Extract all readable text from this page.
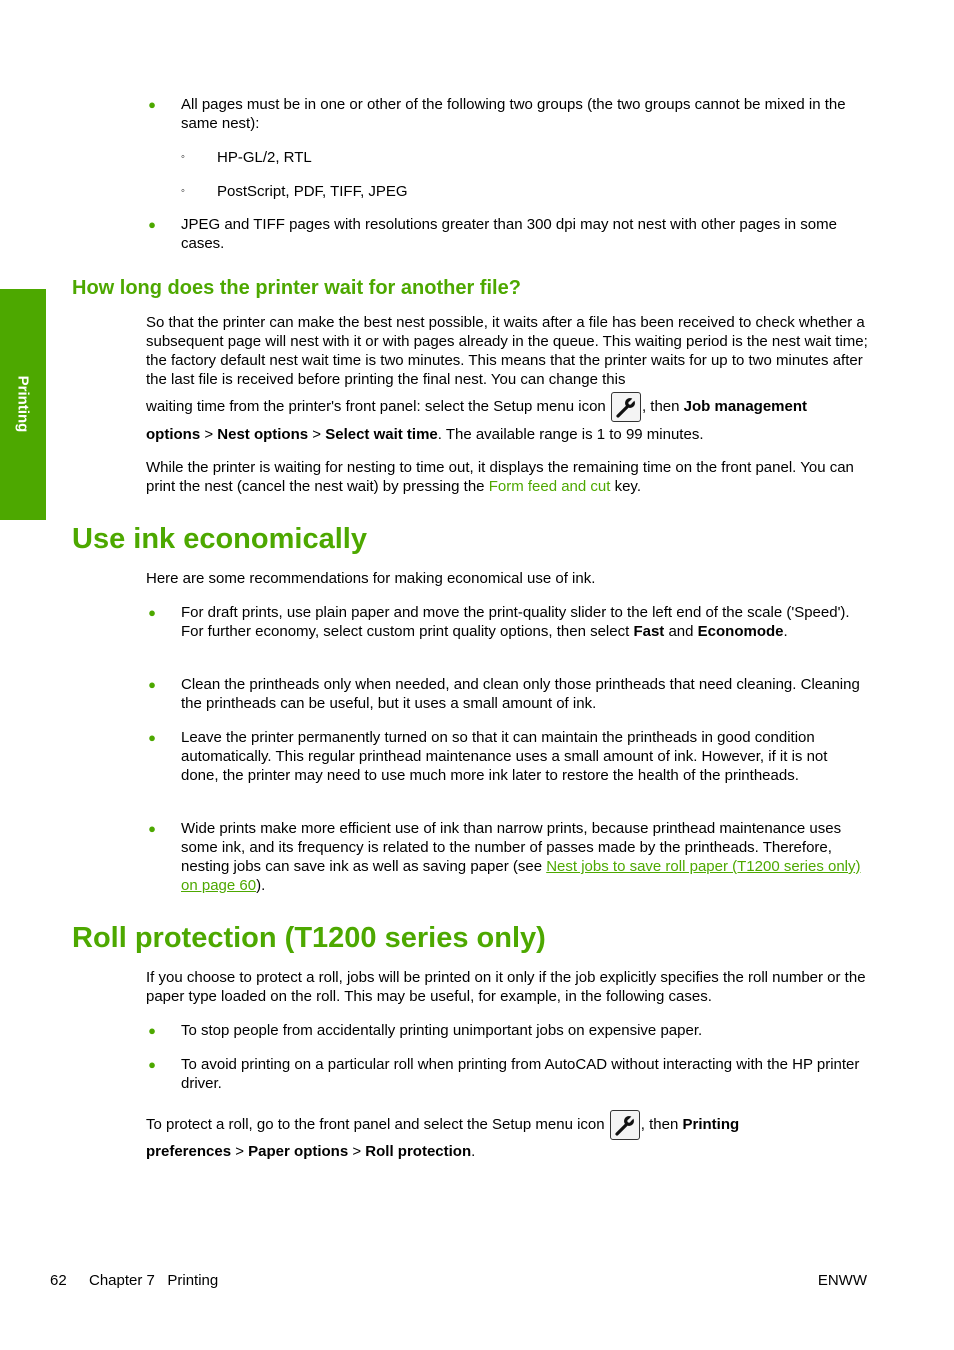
Printing
● All pages must be in one or other of the following two groups (the two groups cannot be mixed in the same nest):

◦ HP-GL/2, RTL
◦ PostScript, PDF, TIFF, JPEG
● JPEG and TIFF pages with resolutions greater than 300 dpi may not nest with other pages in some cases.

How long does the printer wait for another file?

So that the printer can make the best nest possible, it waits after a file has been received to check whether a subsequent page will nest with it or with pages already in the queue. This waiting period is the nest wait time; the factory default nest wait time is two minutes. This means that the printer waits for up to two minutes after the last file is received before printing the final nest. You can change this

waiting time from the printer's front panel: select the Setup menu icon , then Job management
options > Nest options > Select wait time. The available range is 1 to 99 minutes.

While the printer is waiting for nesting to time out, it displays the remaining time on the front panel. You can print the nest (cancel the nest wait) by pressing the Form feed and cut key.

Use ink economically

Here are some recommendations for making economical use of ink.

● For draft prints, use plain paper and move the print-quality slider to the left end of the scale ('Speed'). For further economy, select custom print quality options, then select Fast and Economode.

● Clean the printheads only when needed, and clean only those printheads that need cleaning. Cleaning the printheads can be useful, but it uses a small amount of ink.

● Leave the printer permanently turned on so that it can maintain the printheads in good condition automatically. This regular printhead maintenance uses a small amount of ink. However, if it is not done, the printer may need to use much more ink later to restore the health of the printheads.

● Wide prints make more efficient use of ink than narrow prints, because printhead maintenance uses some ink, and its frequency is related to the number of passes made by the printheads. Therefore, nesting jobs can save ink as well as saving paper (see Nest jobs to save roll paper (T1200 series only) on page 60).

Roll protection (T1200 series only)

If you choose to protect a roll, jobs will be printed on it only if the job explicitly specifies the roll number or the paper type loaded on the roll. This may be useful, for example, in the following cases.

● To stop people from accidentally printing unimportant jobs on expensive paper.

● To avoid printing on a particular roll when printing from AutoCAD without interacting with the HP printer driver.

To protect a roll, go to the front panel and select the Setup menu icon , then Printing
preferences > Paper options > Roll protection.
62 Chapter 7   Printing	ENWW
